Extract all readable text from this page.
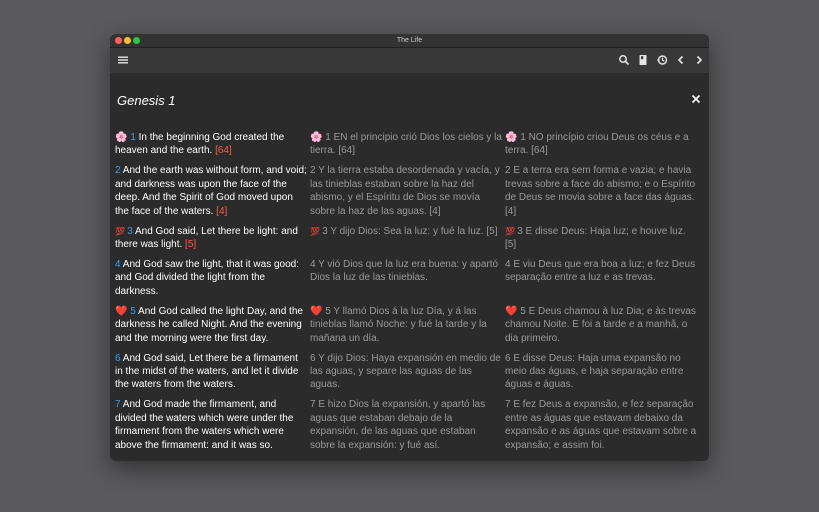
The Life
Genesis 1
🌸 1 In the beginning God created the heaven and the earth. [64]
🌸 1 EN el principio crió Dios los cielos y la tierra. [64]
🌸 1 NO princípio criou Deus os céus e a terra. [64]
2 And the earth was without form, and void; and darkness was upon the face of the deep. And the Spirit of God moved upon the face of the waters. [4]
2 Y la tierra estaba desordenada y vacía, y las tinieblas estaban sobre la haz del abismo, y el Espíritu de Dios se movía sobre la haz de las aguas. [4]
2 E a terra era sem forma e vazia; e havia trevas sobre a face do abismo; e o Espírito de Deus se movia sobre a face das águas. [4]
💯 3 And God said, Let there be light: and there was light. [5]
💯 3 Y dijo Dios: Sea la luz: y fué la luz. [5] 💯 3 E disse Deus: Haja luz; e houve luz. [5]
4 And God saw the light, that it was good: and God divided the light from the darkness.
4 Y vió Dios que la luz era buena: y apartó Dios la luz de las tinieblas.
4 E viu Deus que era boa a luz; e fez Deus separação entre a luz e as trevas.
❤️ 5 And God called the light Day, and the darkness he called Night. And the evening and the morning were the first day.
❤️ 5 Y llamó Dios á la luz Día, y á las tinieblas llamó Noche: y fué la tarde y la mañana un día.
❤️ 5 E Deus chamou à luz Dia; e às trevas chamou Noite. E foi a tarde e a manhã, o dia primeiro.
6 And God said, Let there be a firmament in the midst of the waters, and let it divide the waters from the waters.
6 Y dijo Dios: Haya expansión en medio de las aguas, y separe las aguas de las aguas.
6 E disse Deus: Haja uma expansão no meio das águas, e haja separação entre águas e águas.
7 And God made the firmament, and divided the waters which were under the firmament from the waters which were above the firmament: and it was so.
7 E hizo Dios la expansión, y apartó las aguas que estaban debajo de la expansión, de las aguas que estaban sobre la expansión: y fué así.
7 E fez Deus a expansão, e fez separação entre as águas que estavam debaixo da expansão e as águas que estavam sobre a expansão; e assim foi.
